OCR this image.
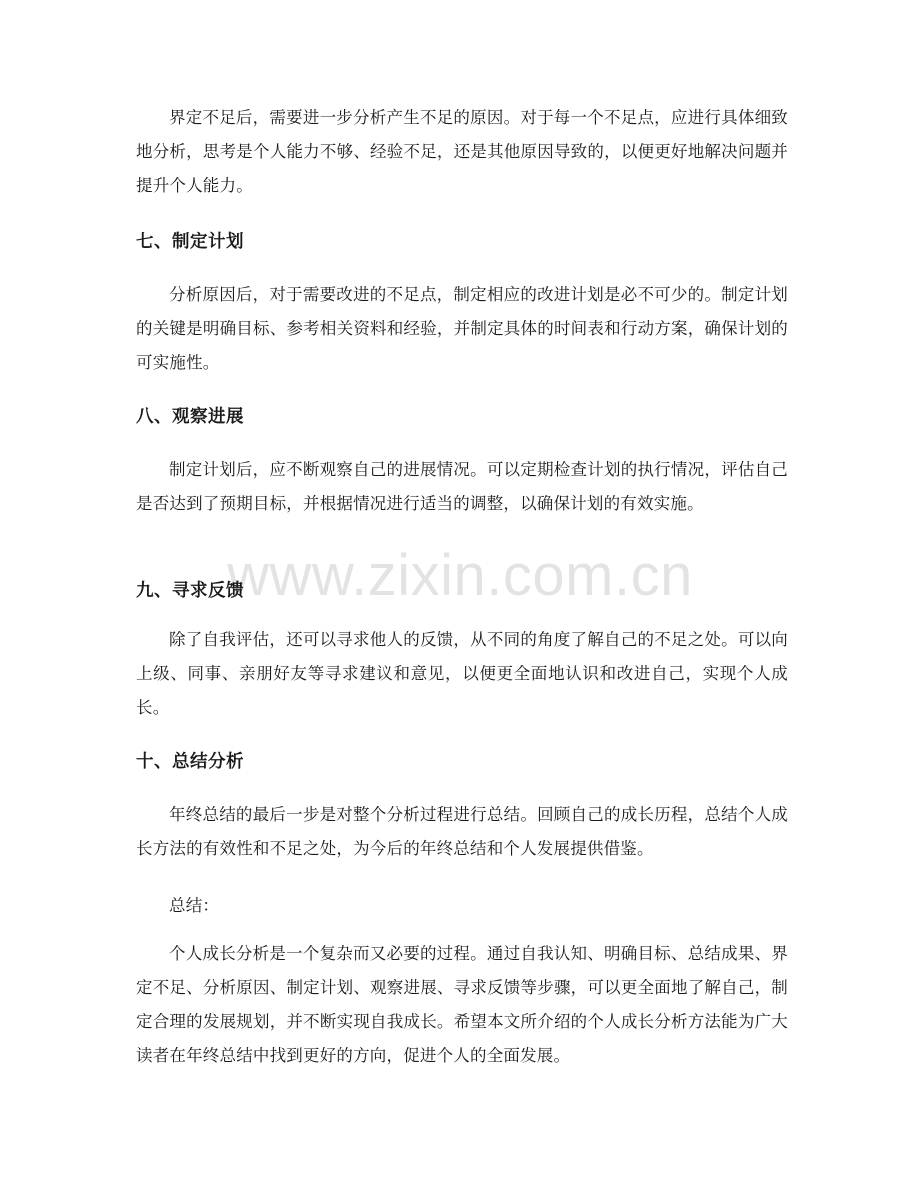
界定不足后，需要进一步分析产生不足的原因。对于每一个不足点，应进行具体细致地分析，思考是个人能力不够、经验不足，还是其他原因导致的，以便更好地解决问题并提升个人能力。

七、制定计划

分析原因后，对于需要改进的不足点，制定相应的改进计划是必不可少的。制定计划的关键是明确目标、参考相关资料和经验，并制定具体的时间表和行动方案，确保计划的可实施性。

八、观察进展

制定计划后，应不断观察自己的进展情况。可以定期检查计划的执行情况，评估自己是否达到了预期目标，并根据情况进行适当的调整，以确保计划的有效实施。

九、寻求反馈

除了自我评估，还可以寻求他人的反馈，从不同的角度了解自己的不足之处。可以向上级、同事、亲朋好友等寻求建议和意见，以便更全面地认识和改进自己，实现个人成长。

十、总结分析

年终总结的最后一步是对整个分析过程进行总结。回顾自己的成长历程，总结个人成长方法的有效性和不足之处，为今后的年终总结和个人发展提供借鉴。

总结：

个人成长分析是一个复杂而又必要的过程。通过自我认知、明确目标、总结成果、界定不足、分析原因、制定计划、观察进展、寻求反馈等步骤，可以更全面地了解自己，制定合理的发展规划，并不断实现自我成长。希望本文所介绍的个人成长分析方法能为广大读者在年终总结中找到更好的方向，促进个人的全面发展。

www.zixin.com.cn
